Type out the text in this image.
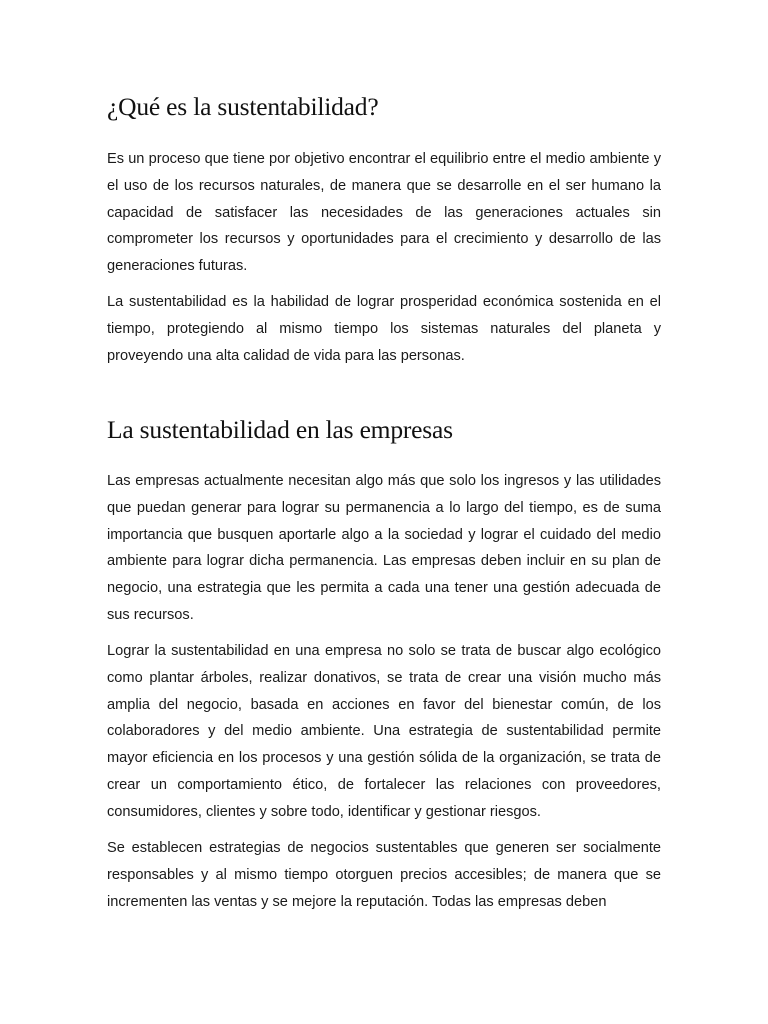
¿Qué es la sustentabilidad?

Es un proceso que tiene por objetivo encontrar el equilibrio entre el medio ambiente y el uso de los recursos naturales, de manera que se desarrolle en el ser humano la capacidad de satisfacer las necesidades de las generaciones actuales sin comprometer los recursos y oportunidades para el crecimiento y desarrollo de las generaciones futuras.

La sustentabilidad es la habilidad de lograr prosperidad económica sostenida en el tiempo, protegiendo al mismo tiempo los sistemas naturales del planeta y proveyendo una alta calidad de vida para las personas.

La sustentabilidad en las empresas

Las empresas actualmente necesitan algo más que solo los ingresos y las utilidades que puedan generar para lograr su permanencia a lo largo del tiempo, es de suma importancia que busquen aportarle algo a la sociedad y lograr el cuidado del medio ambiente para lograr dicha permanencia. Las empresas deben incluir en su plan de negocio, una estrategia que les permita a cada una tener una gestión adecuada de sus recursos.

Lograr la sustentabilidad en una empresa no solo se trata de buscar algo ecológico como plantar árboles, realizar donativos, se trata de crear una visión mucho más amplia del negocio, basada en acciones en favor del bienestar común, de los colaboradores y del medio ambiente. Una estrategia de sustentabilidad permite mayor eficiencia en los procesos y una gestión sólida de la organización, se trata de crear un comportamiento ético, de fortalecer las relaciones con proveedores, consumidores, clientes y sobre todo, identificar y gestionar riesgos.

Se establecen estrategias de negocios sustentables que generen ser socialmente responsables y al mismo tiempo otorguen precios accesibles; de manera que se incrementen las ventas y se mejore la reputación. Todas las empresas deben
